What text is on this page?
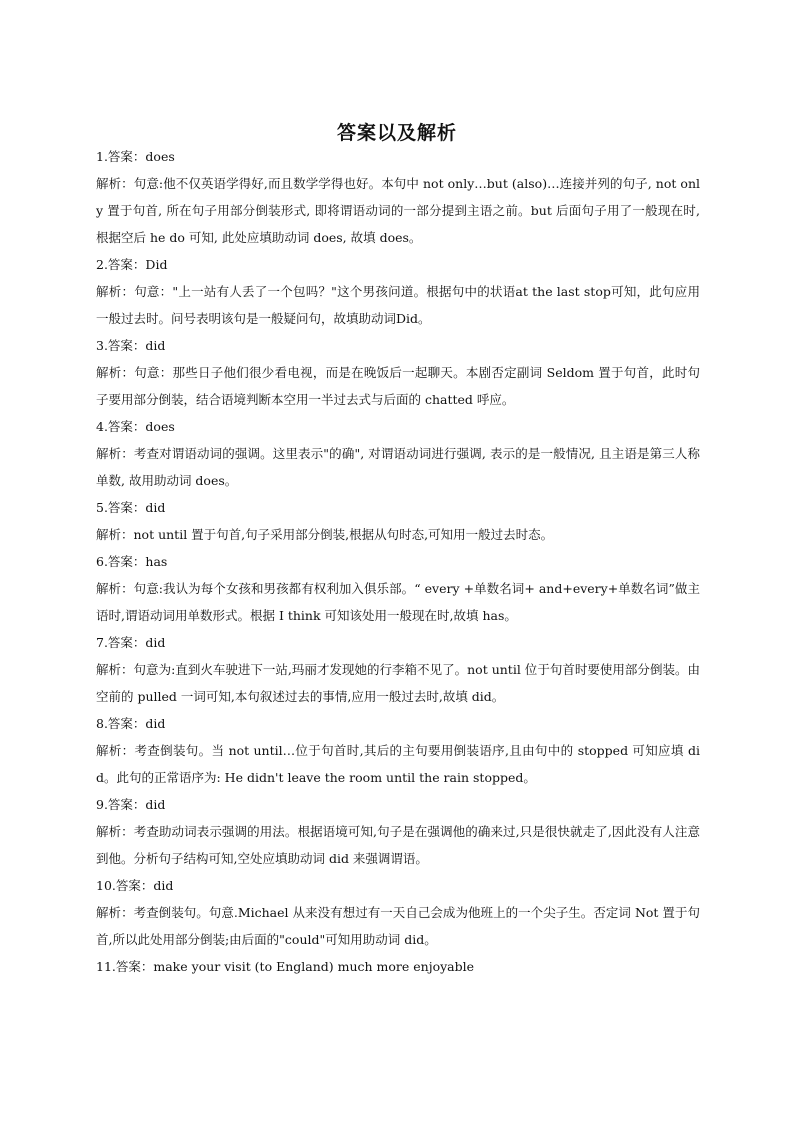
答案以及解析
1.答案：does
解析：句意:他不仅英语学得好,而且数学学得也好。本句中 not only…but (also)…连接并列的句子, not only 置于句首, 所在句子用部分倒装形式, 即将谓语动词的一部分提到主语之前。but 后面句子用了一般现在时, 根据空后 he do 可知, 此处应填助动词 does, 故填 does。
2.答案：Did
解析：句意："上一站有人丢了一个包吗？"这个男孩问道。根据句中的状语at the last stop可知，此句应用一般过去时。问号表明该句是一般疑问句，故填助动词Did。
3.答案：did
解析：句意：那些日子他们很少看电视，而是在晚饭后一起聊天。本剧否定副词 Seldom 置于句首，此时句子要用部分倒装，结合语境判断本空用一半过去式与后面的 chatted 呼应。
4.答案：does
解析：考查对谓语动词的强调。这里表示"的确", 对谓语动词进行强调, 表示的是一般情况, 且主语是第三人称单数, 故用助动词 does。
5.答案：did
解析：not until 置于句首,句子采用部分倒装,根据从句时态,可知用一般过去时态。
6.答案：has
解析：句意:我认为每个女孩和男孩都有权利加入俱乐部。“ every +单数名词+ and+every+单数名词”做主语时,谓语动词用单数形式。根据 I think 可知该处用一般现在时,故填 has。
7.答案：did
解析：句意为:直到火车驶进下一站,玛丽才发现她的行李箱不见了。not until 位于句首时要使用部分倒装。由空前的 pulled 一词可知,本句叙述过去的事情,应用一般过去时,故填 did。
8.答案：did
解析：考查倒装句。当 not until…位于句首时,其后的主句要用倒装语序,且由句中的 stopped 可知应填 did。此句的正常语序为: He didn't leave the room until the rain stopped。
9.答案：did
解析：考查助动词表示强调的用法。根据语境可知,句子是在强调他的确来过,只是很快就走了,因此没有人注意到他。分析句子结构可知,空处应填助动词 did 来强调谓语。
10.答案：did
解析：考查倒装句。句意.Michael 从来没有想过有一天自己会成为他班上的一个尖子生。否定词 Not 置于句首,所以此处用部分倒装;由后面的"could"可知用助动词 did。
11.答案：make your visit (to England) much more enjoyable
